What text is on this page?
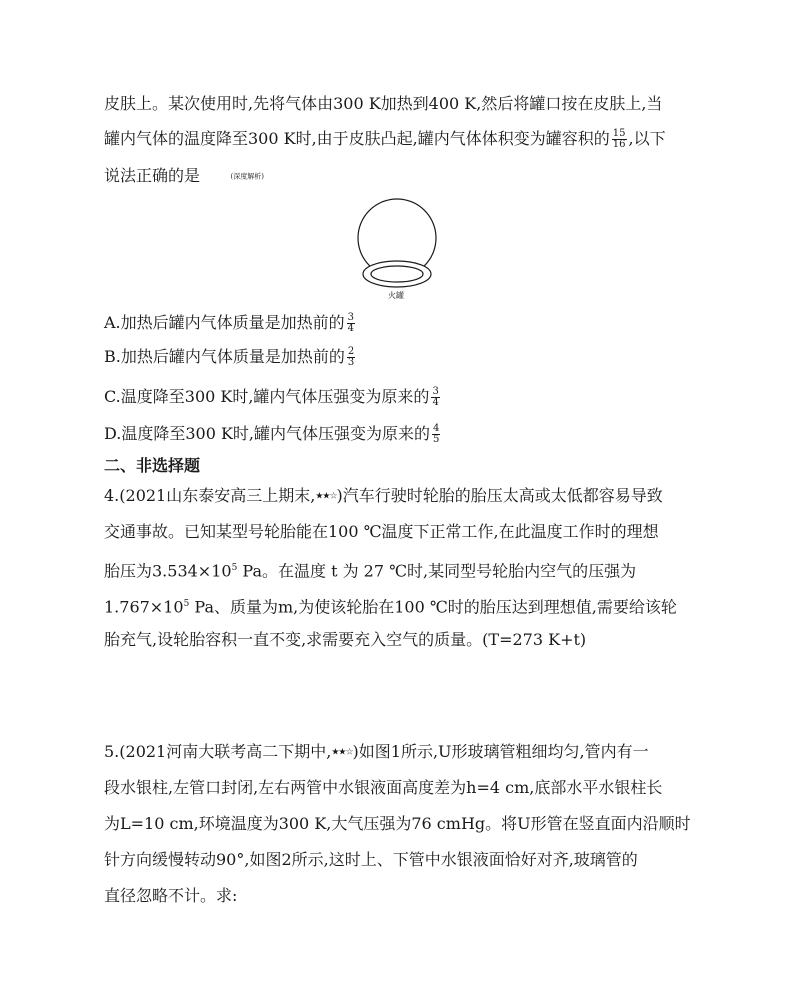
皮肤上。某次使用时,先将气体由300 K加热到400 K,然后将罐口按在皮肤上,当
罐内气体的温度降至300 K时,由于皮肤凸起,罐内气体体积变为罐容积的 $\frac{15}{16}$ ,以下
说法正确的是	(深度解析)
火罐
A.加热后罐内气体质量是加热前的 $\frac{3}{4}$
B.加热后罐内气体质量是加热前的 $\frac{2}{3}$
C.温度降至300 K时,罐内气体压强变为原来的 $\frac{3}{4}$
D.温度降至300 K时,罐内气体压强变为原来的 $\frac{4}{5}$
二、非选择题
4.(2021山东泰安高三上期末,★★☆)汽车行驶时轮胎的胎压太高或太低都容易导致
交通事故。已知某型号轮胎能在100 ℃温度下正常工作,在此温度工作时的理想
胎压为$3.534\times 10^5$ Pa。在温度 t 为 27 ℃时,某同型号轮胎内空气的压强为
$1.767\times 10^5$ Pa、质量为m,为使该轮胎在100 ℃时的胎压达到理想值,需要给该轮
胎充气,设轮胎容积一直不变,求需要充入空气的质量。(T=273 K+t)
5.(2021河南大联考高二下期中,★★☆)如图1所示,U形玻璃管粗细均匀,管内有一
段水银柱,左管口封闭,左右两管中水银液面高度差为h=4 cm,底部水平水银柱长
为L=10 cm,环境温度为300 K,大气压强为76 cmHg。将U形管在竖直面内沿顺时
针方向缓慢转动90°,如图2所示,这时上、下管中水银液面恰好对齐,玻璃管的
直径忽略不计。求:
